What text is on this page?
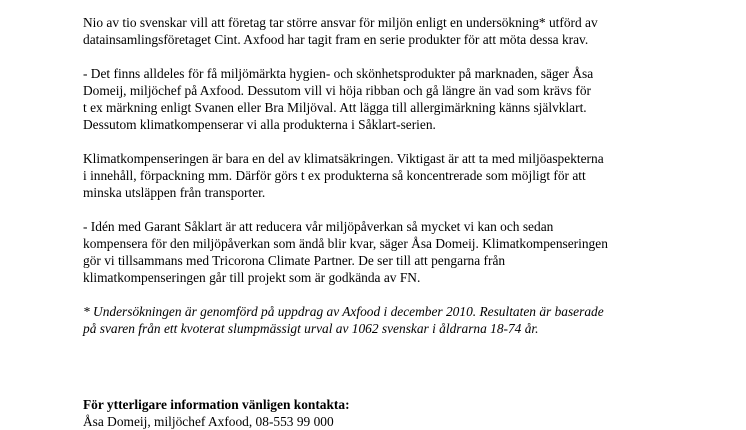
Nio av tio svenskar vill att företag tar större ansvar för miljön enligt en undersökning* utförd av
datainsamlingsföretaget Cint. Axfood har tagit fram en serie produkter för att möta dessa krav.

- Det finns alldeles för få miljömärkta hygien- och skönhetsprodukter på marknaden, säger Åsa
Domeij, miljöchef på Axfood. Dessutom vill vi höja ribban och gå längre än vad som krävs för
t ex märkning enligt Svanen eller Bra Miljöval. Att lägga till allergimärkning känns självklart.
Dessutom klimatkompenserar vi alla produkterna i Såklart-serien.

Klimatkompenseringen är bara en del av klimatsäkringen. Viktigast är att ta med miljöaspekterna
i innehåll, förpackning mm. Därför görs t ex produkterna så koncentrerade som möjligt för att
minska utsläppen från transporter.

- Idén med Garant Såklart är att reducera vår miljöpåverkan så mycket vi kan och sedan
kompensera för den miljöpåverkan som ändå blir kvar, säger Åsa Domeij. Klimatkompenseringen
gör vi tillsammans med Tricorona Climate Partner. De ser till att pengarna från
klimatkompenseringen går till projekt som är godkända av FN.

* Undersökningen är genomförd på uppdrag av Axfood i december 2010. Resultaten är baserade
på svaren från ett kvoterat slumpmässigt urval av 1062 svenskar i åldrarna 18-74 år.

För ytterligare information vänligen kontakta:
Åsa Domeij, miljöchef Axfood, 08-553 99 000
